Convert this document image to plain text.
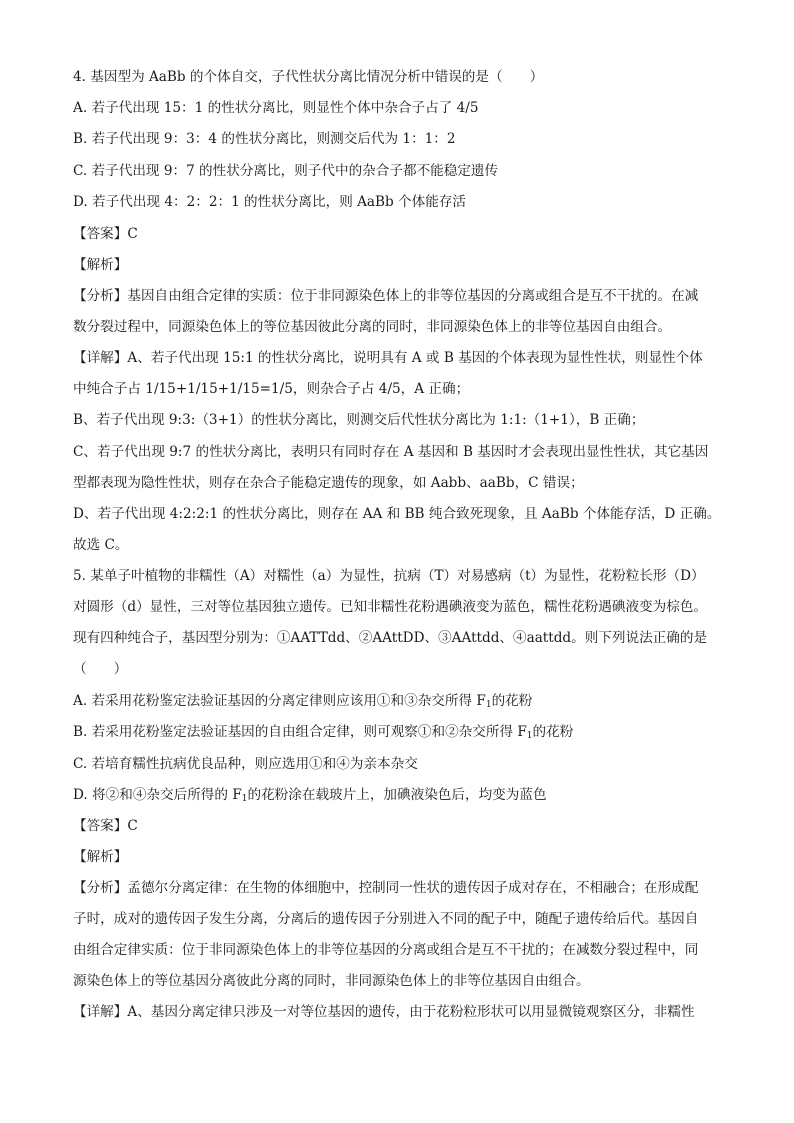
4. 基因型为 AaBb 的个体自交，子代性状分离比情况分析中错误的是（　　）
A. 若子代出现 15：1 的性状分离比，则显性个体中杂合子占了 4/5
B. 若子代出现 9：3：4 的性状分离比，则测交后代为 1：1：2
C. 若子代出现 9：7 的性状分离比，则子代中的杂合子都不能稳定遗传
D. 若子代出现 4：2：2：1 的性状分离比，则 AaBb 个体能存活
【答案】C
【解析】
【分析】基因自由组合定律的实质：位于非同源染色体上的非等位基因的分离或组合是互不干扰的。在减
数分裂过程中，同源染色体上的等位基因彼此分离的同时，非同源染色体上的非等位基因自由组合。
【详解】A、若子代出现 15:1 的性状分离比，说明具有 A 或 B 基因的个体表现为显性性状，则显性个体
中纯合子占 1/15+1/15+1/15=1/5，则杂合子占 4/5，A 正确；
B、若子代出现 9:3:（3+1）的性状分离比，则测交后代性状分离比为 1:1:（1+1），B 正确；
C、若子代出现 9:7 的性状分离比，表明只有同时存在 A 基因和 B 基因时才会表现出显性性状，其它基因
型都表现为隐性性状，则存在杂合子能稳定遗传的现象，如 Aabb、aaBb，C 错误；
D、若子代出现 4:2:2:1 的性状分离比，则存在 AA 和 BB 纯合致死现象，且 AaBb 个体能存活，D 正确。
故选 C。
5. 某单子叶植物的非糯性（A）对糯性（a）为显性，抗病（T）对易感病（t）为显性，花粉粒长形（D）
对圆形（d）显性，三对等位基因独立遗传。已知非糯性花粉遇碘液变为蓝色，糯性花粉遇碘液变为棕色。
现有四种纯合子，基因型分别为：①AATTdd、②AAttDD、③AAttdd、④aattdd。则下列说法正确的是
（　　）
A. 若采用花粉鉴定法验证基因的分离定律则应该用①和③杂交所得 $F_1$的花粉
B. 若采用花粉鉴定法验证基因的自由组合定律，则可观察①和②杂交所得 $F_1$的花粉
C. 若培育糯性抗病优良品种，则应选用①和④为亲本杂交
D. 将②和④杂交后所得的 $F_1$的花粉涂在载玻片上，加碘液染色后，均变为蓝色
【答案】C
【解析】
【分析】孟德尔分离定律：在生物的体细胞中，控制同一性状的遗传因子成对存在，不相融合；在形成配
子时，成对的遗传因子发生分离，分离后的遗传因子分别进入不同的配子中，随配子遗传给后代。基因自
由组合定律实质：位于非同源染色体上的非等位基因的分离或组合是互不干扰的；在减数分裂过程中，同
源染色体上的等位基因分离彼此分离的同时，非同源染色体上的非等位基因自由组合。
【详解】A、基因分离定律只涉及一对等位基因的遗传，由于花粉粒形状可以用显微镜观察区分，非糯性
